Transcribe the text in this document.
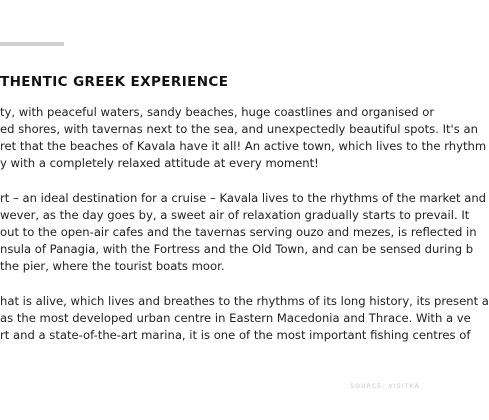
THENTIC GREEK EXPERIENCE

ty, with peaceful waters, sandy beaches, huge coastlines and organised or
ed shores, with tavernas next to the sea, and unexpectedly beautiful spots. It's an
ret that the beaches of Kavala have it all! An active town, which lives to the rhythm
y with a completely relaxed attitude at every moment!

rt – an ideal destination for a cruise – Kavala lives to the rhythms of the market and
wever, as the day goes by, a sweet air of relaxation gradually starts to prevail. It
out to the open-air cafes and the tavernas serving ouzo and mezes, is reflected in
nsula of Panagia, with the Fortress and the Old Town, and can be sensed during b
the pier, where the tourist boats moor.

hat is alive, which lives and breathes to the rhythms of its long history, its present a
as the most developed urban centre in Eastern Macedonia and Thrace. With a ve
rt and a state-of-the-art marina, it is one of the most important fishing centres of

SOURCE: VISITKA
